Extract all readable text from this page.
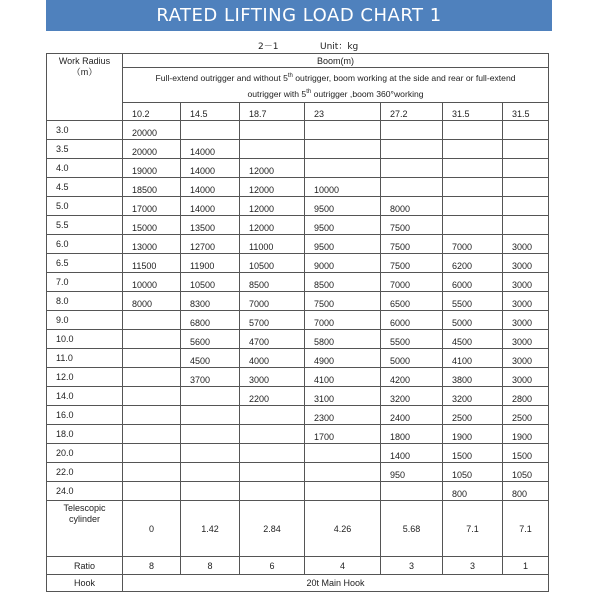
RATED LIFTING LOAD CHART 1
2－1	Unit：kg
Work Radius
（m）	Boom(m)						

	Full-extend outrigger and without 5th outrigger, boom working at the side and rear or full-extend
outrigger with 5th outrigger ,boom 360°working						

	10.2	14.5	18.7	23	27.2	31.5	31.5
3.0	20000						
3.5	20000	14000					
4.0	19000	14000	12000				
4.5	18500	14000	12000	10000			
5.0	17000	14000	12000	9500	8000		
5.5	15000	13500	12000	9500	7500		
6.0	13000	12700	11000	9500	7500	7000	3000
6.5	11500	11900	10500	9000	7500	6200	3000
7.0	10000	10500	8500	8500	7000	6000	3000
8.0	8000	8300	7000	7500	6500	5500	3000
9.0		6800	5700	7000	6000	5000	3000
10.0		5600	4700	5800	5500	4500	3000
11.0		4500	4000	4900	5000	4100	3000
12.0		3700	3000	4100	4200	3800	3000
14.0			2200	3100	3200	3200	2800
16.0				2300	2400	2500	2500
18.0				1700	1800	1900	1900
20.0					1400	1500	1500
22.0					950	1050	1050
24.0						800	800

Telescopic
cylinder	0	1.42	2.84	4.26	5.68	7.1	7.1
Ratio	8	8	6	4	3	3	1
Hook	20t Main Hook						
